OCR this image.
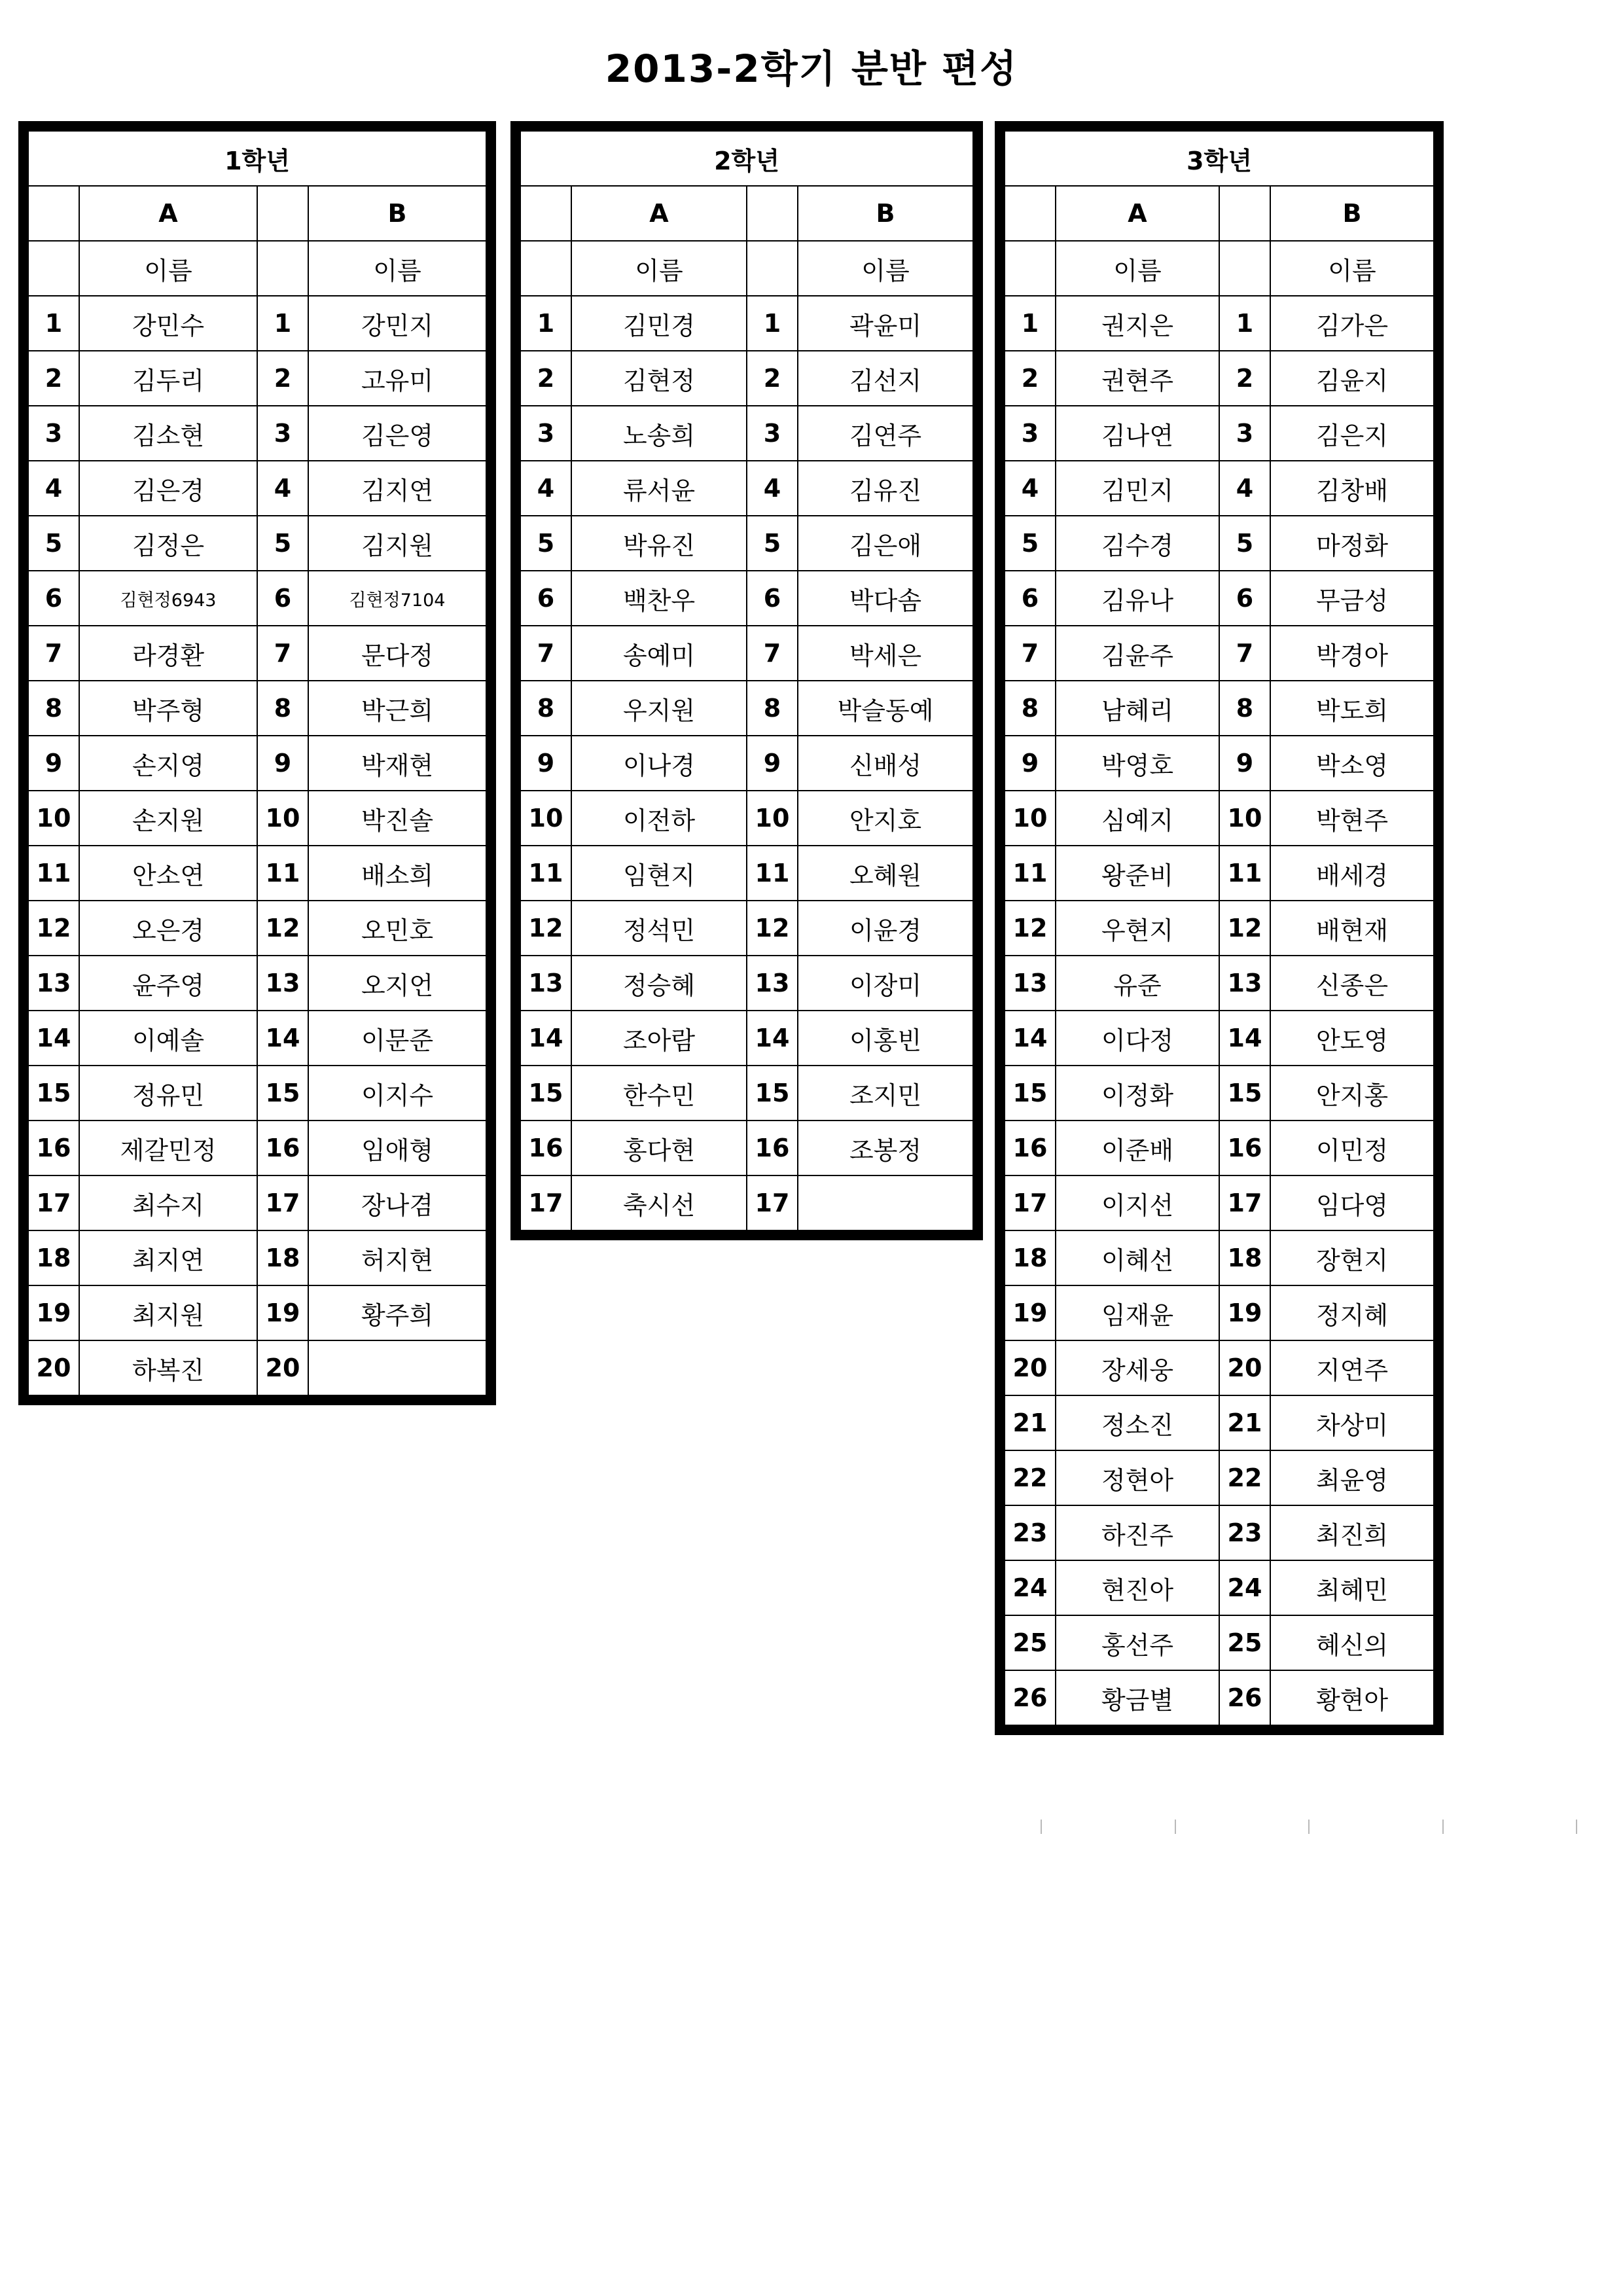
2013-2학기 분반 편성
1학년			
	A		B
	이름		이름
1	강민수	1	강민지
2	김두리	2	고유미
3	김소현	3	김은영
4	김은경	4	김지연
5	김정은	5	김지원
6	김현정6943	6	김현정7104
7	라경환	7	문다정
8	박주형	8	박근희
9	손지영	9	박재현
10	손지원	10	박진솔
11	안소연	11	배소희
12	오은경	12	오민호
13	윤주영	13	오지언
14	이예솔	14	이문준
15	정유민	15	이지수
16	제갈민정	16	임애형
17	최수지	17	장나겸
18	최지연	18	허지현
19	최지원	19	황주희
20	하복진	20	
2학년			
	A		B
	이름		이름
1	김민경	1	곽윤미
2	김현정	2	김선지
3	노송희	3	김연주
4	류서윤	4	김유진
5	박유진	5	김은애
6	백찬우	6	박다솜
7	송예미	7	박세은
8	우지원	8	박슬동예
9	이나경	9	신배성
10	이전하	10	안지호
11	임현지	11	오혜원
12	정석민	12	이윤경
13	정승혜	13	이장미
14	조아람	14	이홍빈
15	한수민	15	조지민
16	홍다현	16	조봉정
17	축시선	17	
3학년			
	A		B
	이름		이름
1	권지은	1	김가은
2	권현주	2	김윤지
3	김나연	3	김은지
4	김민지	4	김창배
5	김수경	5	마정화
6	김유나	6	무금성
7	김윤주	7	박경아
8	남혜리	8	박도희
9	박영호	9	박소영
10	심예지	10	박현주
11	왕준비	11	배세경
12	우현지	12	배현재
13	유준	13	신종은
14	이다정	14	안도영
15	이정화	15	안지홍
16	이준배	16	이민정
17	이지선	17	임다영
18	이혜선	18	장현지
19	임재윤	19	정지혜
20	장세웅	20	지연주
21	정소진	21	차상미
22	정현아	22	최윤영
23	하진주	23	최진희
24	현진아	24	최혜민
25	홍선주	25	혜신의
26	황금별	26	황현아
